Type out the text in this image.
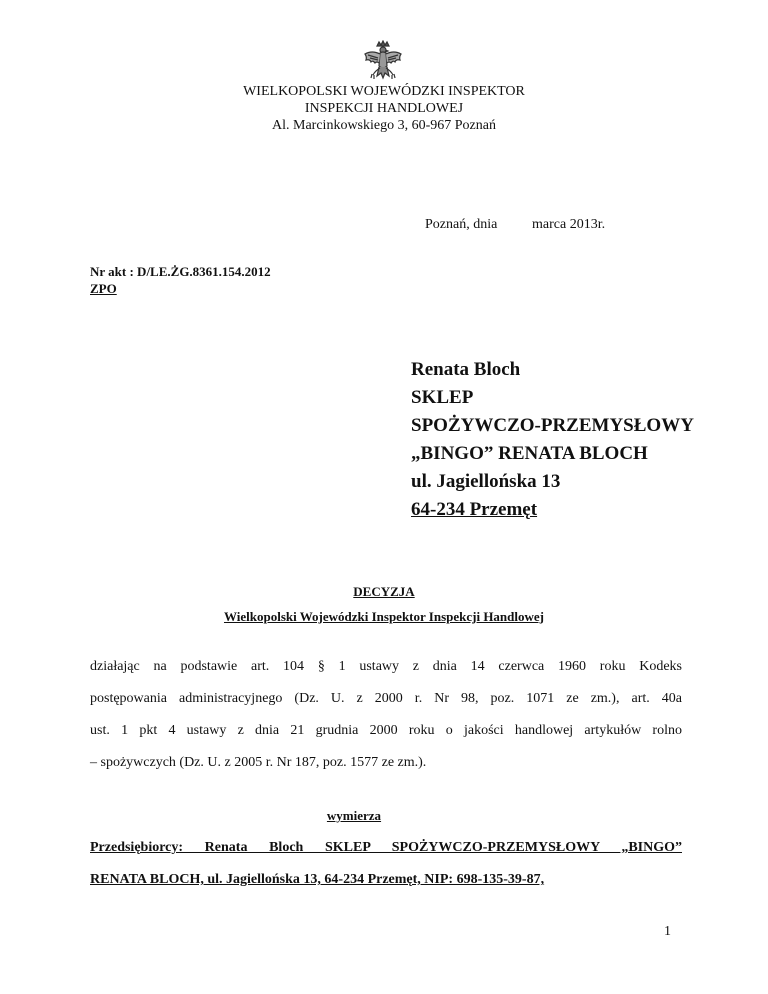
WIELKOPOLSKI WOJEWÓDZKI INSPEKTOR
INSPEKCJI HANDLOWEJ
Al. Marcinkowskiego 3, 60-967 Poznań
Poznań, dnia marca 2013r.
Nr akt : D/LE.ŻG.8361.154.2012
ZPO
Renata Bloch
SKLEP
SPOŻYWCZO-PRZEMYSŁOWY
„BINGO” RENATA BLOCH
ul. Jagiellońska 13
64-234 Przemęt
DECYZJA
Wielkopolski Wojewódzki Inspektor Inspekcji Handlowej
działając na podstawie art. 104 § 1 ustawy z dnia 14 czerwca 1960 roku Kodeks
postępowania administracyjnego (Dz. U. z 2000 r. Nr 98, poz. 1071 ze zm.), art. 40a
ust. 1 pkt 4 ustawy z dnia 21 grudnia 2000 roku o jakości handlowej artykułów rolno
– spożywczych (Dz. U. z 2005 r. Nr 187, poz. 1577 ze zm.).
wymierza
Przedsiębiorcy: Renata Bloch SKLEP SPOŻYWCZO-PRZEMYSŁOWY „BINGO”
RENATA BLOCH, ul. Jagiellońska 13, 64-234 Przemęt, NIP: 698-135-39-87,
1
